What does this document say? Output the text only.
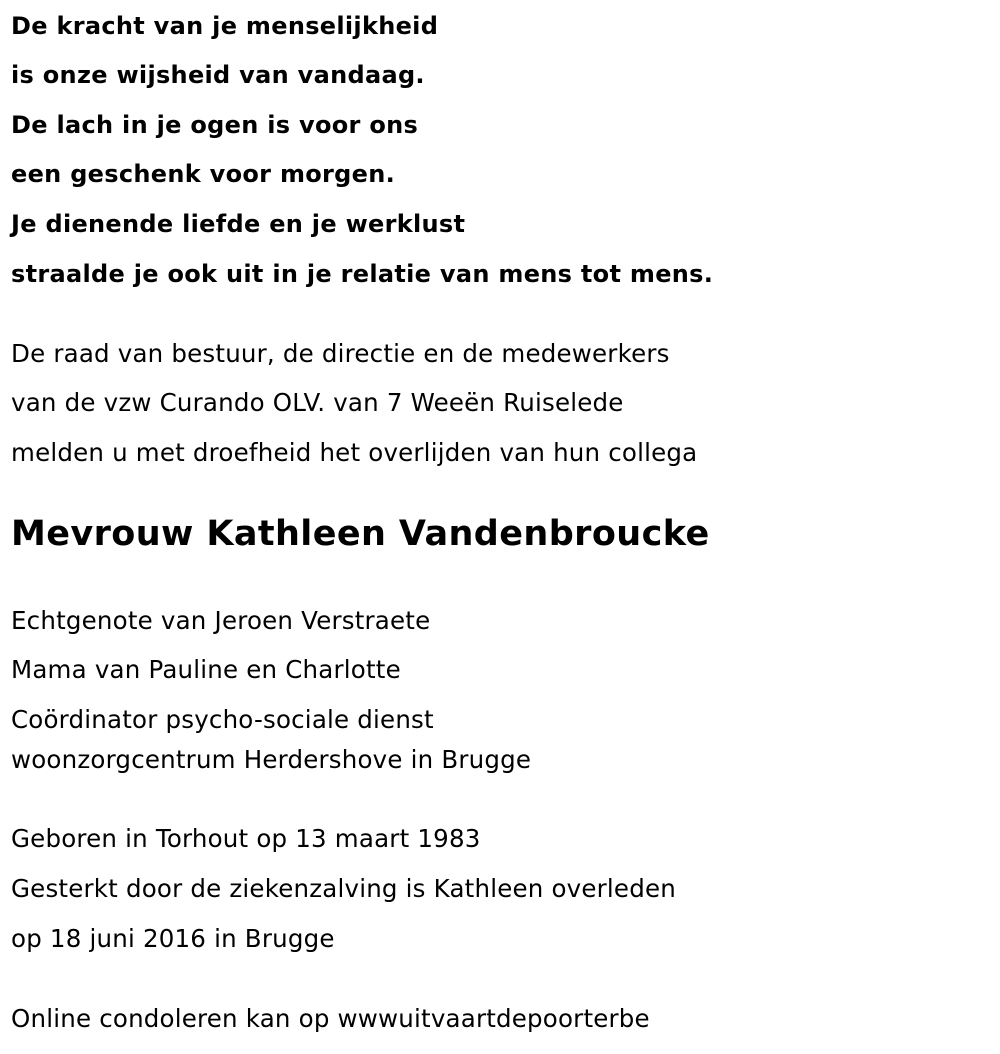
De kracht van je menselijkheid
is onze wijsheid van vandaag.
De lach in je ogen is voor ons
een geschenk voor morgen.
Je dienende liefde en je werklust
straalde je ook uit in je relatie van mens tot mens.
De raad van bestuur, de directie en de medewerkers
van de vzw Curando OLV. van 7 Weeën Ruiselede
melden u met droefheid het overlijden van hun collega
Mevrouw Kathleen Vandenbroucke
Echtgenote van Jeroen Verstraete
Mama van Pauline en Charlotte
Coördinator psycho-sociale dienst
woonzorgcentrum Herdershove in Brugge
Geboren in Torhout op 13 maart 1983
Gesterkt door de ziekenzalving is Kathleen overleden
op 18 juni 2016 in Brugge
Online condoleren kan op wwwuitvaartdepoorterbe
